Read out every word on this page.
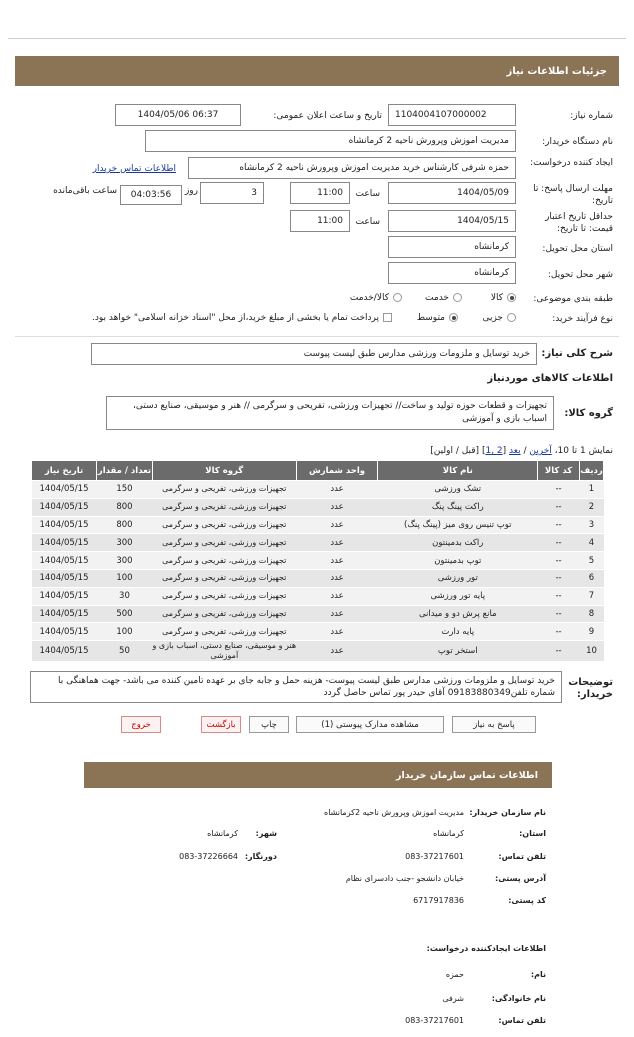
جزئیات اطلاعات نیاز
شماره نیاز:
1104004107000002
تاریخ و ساعت اعلان عمومی:
1404/05/06 06:37
نام دستگاه خریدار:
مدیریت اموزش وپرورش ناحیه 2 کرمانشاه
ایجاد کننده درخواست:
حمزه شرفی کارشناس خرید مدیریت اموزش وپرورش ناحیه 2 کرمانشاه
اطلاعات تماس خریدار
مهلت ارسال پاسخ: تا تاریخ:
1404/05/09
ساعت
11:00
3
روز
04:03:56
ساعت باقی‌مانده
حداقل تاریخ اعتبار قیمت: تا تاریخ:
1404/05/15
ساعت
11:00
استان محل تحویل:
کرمانشاه
شهر محل تحویل:
کرمانشاه
طبقه بندی موضوعی:
کالا
خدمت
کالا/خدمت
نوع فرآیند خرید:
جزیی
متوسط
پرداخت تمام یا بخشی از مبلغ خرید،از محل "اسناد خزانه اسلامی" خواهد بود.
شرح کلی نیاز:
خرید توسایل و ملزومات ورزشی مدارس طبق لیست پیوست
اطلاعات کالاهای موردنیاز
گروه کالا:
تجهیزات و قطعات حوزه تولید و ساخت// تجهیزات ورزشی، تفریحی و سرگرمی // هنر و موسیقی، صنایع دستی، اسباب بازی و آموزشی
نمایش 1 تا 10، آخرین / بعد [2 ,1] [قبل / اولین]
ردیف	کد کالا	نام کالا	واحد شمارش	گروه کالا	تعداد / مقدار	تاریخ نیاز
1	--	تشک ورزشی	عدد	تجهیزات ورزشی، تفریحی و سرگرمی	150	1404/05/15
2	--	راکت پینگ پنگ	عدد	تجهیزات ورزشی، تفریحی و سرگرمی	800	1404/05/15
3	--	توپ تنیس روی میز (پینگ پنگ)	عدد	تجهیزات ورزشی، تفریحی و سرگرمی	800	1404/05/15
4	--	راکت بدمینتون	عدد	تجهیزات ورزشی، تفریحی و سرگرمی	300	1404/05/15
5	--	توپ بدمینتون	عدد	تجهیزات ورزشی، تفریحی و سرگرمی	300	1404/05/15
6	--	تور ورزشی	عدد	تجهیزات ورزشی، تفریحی و سرگرمی	100	1404/05/15
7	--	پایه تور ورزشی	عدد	تجهیزات ورزشی، تفریحی و سرگرمی	30	1404/05/15
8	--	مانع پرش دو و میدانی	عدد	تجهیزات ورزشی، تفریحی و سرگرمی	500	1404/05/15
9	--	پایه دارت	عدد	تجهیزات ورزشی، تفریحی و سرگرمی	100	1404/05/15
10	--	استخر توپ	عدد	هنر و موسیقی، صنایع دستی، اسباب بازی و آموزشی	50	1404/05/15
توضیحات خریدار:
خرید توسایل و ملزومات ورزشی مدارس طبق لیست پیوست- هزینه حمل و جابه جای بر عهده تامین کننده می باشد- جهت هماهنگی با شماره تلفن09183880349 آقای حیدر پور تماس حاصل گردد
پاسخ به نیاز
مشاهده مدارک پیوستی (1)
چاپ
بازگشت
خروج
اطلاعات تماس سازمان خریدار
نام سازمان خریدار:
مدیریت اموزش وپرورش ناحیه 2کرمانشاه
استان:
کرمانشاه
شهر:
کرمانشاه
تلفن تماس:
083-37217601
دورنگار:
083-37226664
آدرس پستی:
خیابان دانشجو -جنب دادسرای نظام
کد پستی:
6717917836
اطلاعات ایجادکننده درخواست:
نام:
حمزه
نام خانوادگی:
شرفی
تلفن تماس:
083-37217601
